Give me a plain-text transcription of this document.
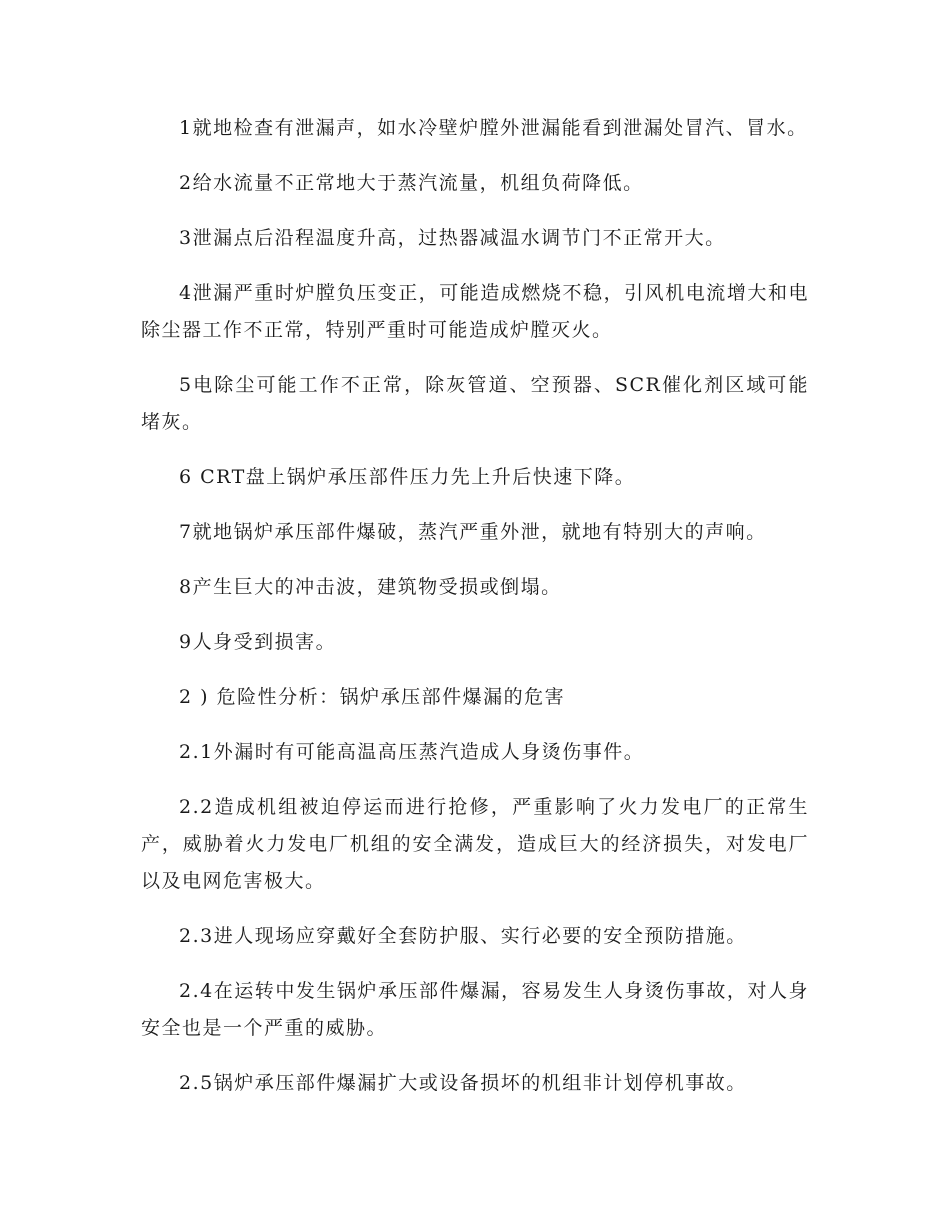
1就地检查有泄漏声，如水冷壁炉膛外泄漏能看到泄漏处冒汽、冒水。

2给水流量不正常地大于蒸汽流量，机组负荷降低。

3泄漏点后沿程温度升高，过热器减温水调节门不正常开大。

4泄漏严重时炉膛负压变正，可能造成燃烧不稳，引风机电流增大和电除尘器工作不正常，特别严重时可能造成炉膛灭火。

5电除尘可能工作不正常，除灰管道、空预器、SCR催化剂区域可能堵灰。

6 CRT盘上锅炉承压部件压力先上升后快速下降。

7就地锅炉承压部件爆破，蒸汽严重外泄，就地有特别大的声响。

8产生巨大的冲击波，建筑物受损或倒塌。

9人身受到损害。

2 ) 危险性分析：锅炉承压部件爆漏的危害

2.1外漏时有可能高温高压蒸汽造成人身烫伤事件。

2.2造成机组被迫停运而进行抢修，严重影响了火力发电厂的正常生产，威胁着火力发电厂机组的安全满发，造成巨大的经济损失，对发电厂以及电网危害极大。

2.3进人现场应穿戴好全套防护服、实行必要的安全预防措施。

2.4在运转中发生锅炉承压部件爆漏，容易发生人身烫伤事故，对人身安全也是一个严重的威胁。

2.5锅炉承压部件爆漏扩大或设备损坏的机组非计划停机事故。
